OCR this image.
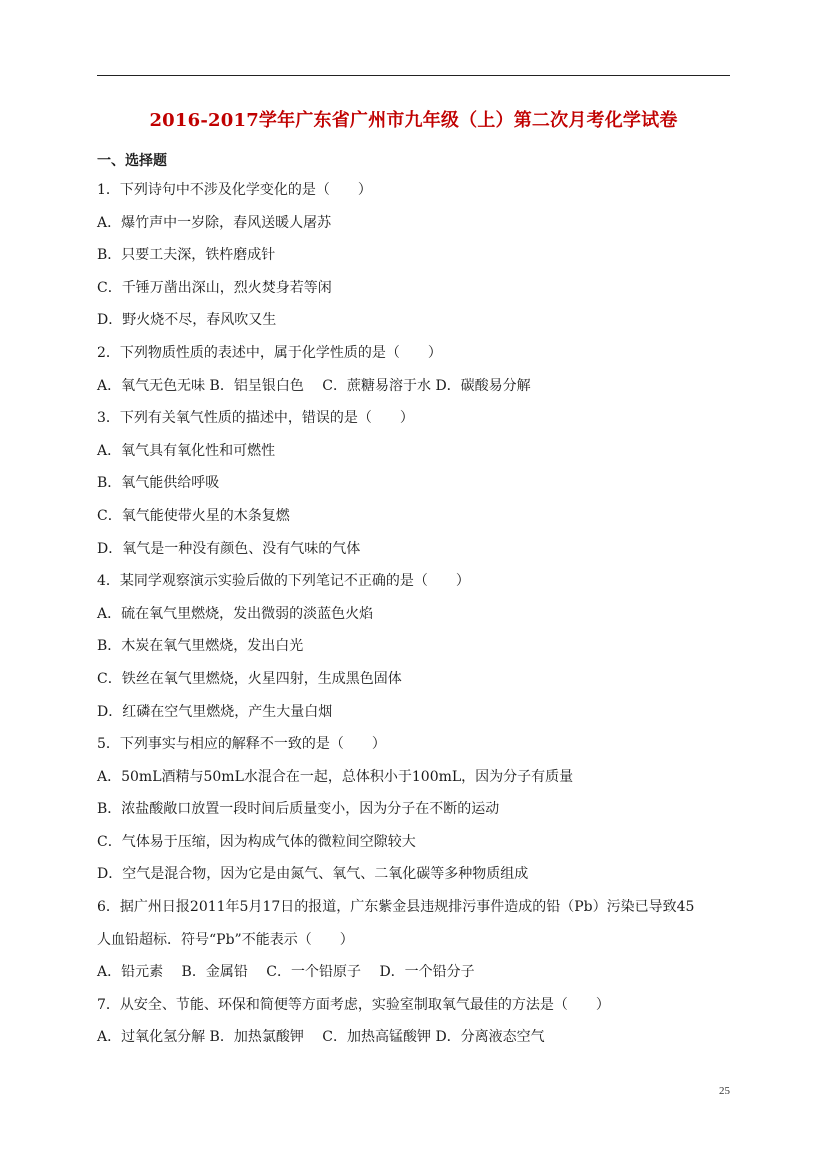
2016-2017学年广东省广州市九年级（上）第二次月考化学试卷
一、选择题
1．下列诗句中不涉及化学变化的是（　　）
A．爆竹声中一岁除，春风送暖人屠苏
B．只要工夫深，铁杵磨成针
C．千锤万凿出深山，烈火焚身若等闲
D．野火烧不尽，春风吹又生
2．下列物质性质的表述中，属于化学性质的是（　　）
A．氧气无色无味 B．铝呈银白色　 C．蔗糖易溶于水 D．碳酸易分解
3．下列有关氧气性质的描述中，错误的是（　　）
A．氧气具有氧化性和可燃性
B．氧气能供给呼吸
C．氧气能使带火星的木条复燃
D．氧气是一种没有颜色、没有气味的气体
4．某同学观察演示实验后做的下列笔记不正确的是（　　）
A．硫在氧气里燃烧，发出微弱的淡蓝色火焰
B．木炭在氧气里燃烧，发出白光
C．铁丝在氧气里燃烧，火星四射，生成黑色固体
D．红磷在空气里燃烧，产生大量白烟
5．下列事实与相应的解释不一致的是（　　）
A．50mL酒精与50mL水混合在一起，总体积小于100mL，因为分子有质量
B．浓盐酸敞口放置一段时间后质量变小，因为分子在不断的运动
C．气体易于压缩，因为构成气体的微粒间空隙较大
D．空气是混合物，因为它是由氮气、氧气、二氧化碳等多种物质组成
6．据广州日报2011年5月17日的报道，广东紫金县违规排污事件造成的铅（Pb）污染已导致45
人血铅超标．符号“Pb”不能表示（　　）
A．铅元素　 B．金属铅　 C．一个铅原子　 D．一个铅分子
7．从安全、节能、环保和简便等方面考虑，实验室制取氧气最佳的方法是（　　）
A．过氧化氢分解 B．加热氯酸钾　 C．加热高锰酸钾 D．分离液态空气
25
